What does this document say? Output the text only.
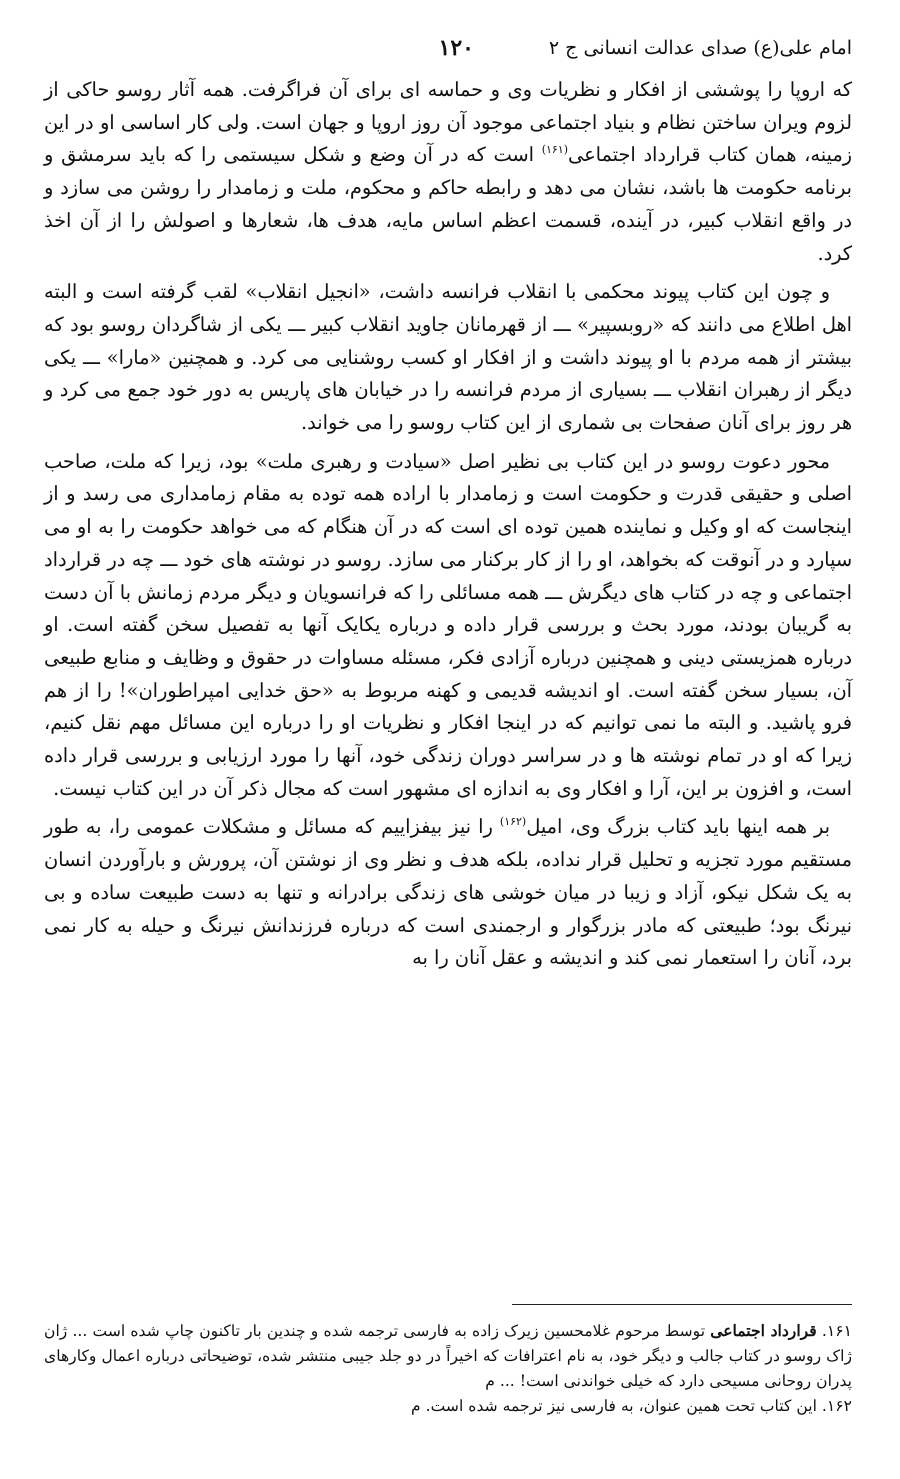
امام علی(ع) صدای عدالت انسانی ج ۲
۱۲۰

که اروپا را پوششی از افکار و نظریات وی و حماسه ای برای آن فراگرفت. همه آثار روسو حاکی از لزوم ویران ساختن نظام و بنیاد اجتماعی موجود آن روز اروپا و جهان است. ولی کار اساسی او در این زمینه، همان کتاب قرارداد اجتماعی$^{(۱۶۱)}$ است که در آن وضع و شکل سیستمی را که باید سرمشق و برنامه حکومت ها باشد، نشان می دهد و رابطه حاکم و محکوم، ملت و زمامدار را روشن می سازد و در واقع انقلاب کبیر، در آینده، قسمت اعظم اساس مایه، هدف ها، شعارها و اصولش را از آن اخذ کرد.

و چون این کتاب پیوند محکمی با انقلاب فرانسه داشت، «انجیل انقلاب» لقب گرفته است و البته اهل اطلاع می دانند که «روبسپیر» ـــ از قهرمانان جاوید انقلاب کبیر ـــ یکی از شاگردان روسو بود که بیشتر از همه مردم با او پیوند داشت و از افکار او کسب روشنایی می کرد. و همچنین «مارا» ـــ یکی دیگر از رهبران انقلاب ـــ بسیاری از مردم فرانسه را در خیابان های پاریس به دور خود جمع می کرد و هر روز برای آنان صفحات بی شماری از این کتاب روسو را می خواند.

محور دعوت روسو در این کتاب بی نظیر اصل «سیادت و رهبری ملت» بود، زیرا که ملت، صاحب اصلی و حقیقی قدرت و حکومت است و زمامدار با اراده همه توده به مقام زمامداری می رسد و از اینجاست که او وکیل و نماینده همین توده ای است که در آن هنگام که می خواهد حکومت را به او می سپارد و در آنوقت که بخواهد، او را از کار برکنار می سازد. روسو در نوشته های خود ـــ چه در قرارداد اجتماعی و چه در کتاب های دیگرش ـــ همه مسائلی را که فرانسویان و دیگر مردم زمانش با آن دست به گریبان بودند، مورد بحث و بررسی قرار داده و درباره یکایک آنها به تفصیل سخن گفته است. او درباره همزیستی دینی و همچنین درباره آزادی فکر، مسئله مساوات در حقوق و وظایف و منابع طبیعی آن، بسیار سخن گفته است. او اندیشه قدیمی و کهنه مربوط به «حق خدایی امپراطوران»! را از هم فرو پاشید. و البته ما نمی توانیم که در اینجا افکار و نظریات او را درباره این مسائل مهم نقل کنیم، زیرا که او در تمام نوشته ها و در سراسر دوران زندگی خود، آنها را مورد ارزیابی و بررسی قرار داده است، و افزون بر این، آرا و افکار وی به اندازه ای مشهور است که مجال ذکر آن در این کتاب نیست.

بر همه اینها باید کتاب بزرگ وی، امیل$^{(۱۶۲)}$ را نیز بیفزاییم که مسائل و مشکلات عمومی را، به طور مستقیم مورد تجزیه و تحلیل قرار نداده، بلکه هدف و نظر وی از نوشتن آن، پرورش و بارآوردن انسان به یک شکل نیکو، آزاد و زیبا در میان خوشی های زندگی برادرانه و تنها به دست طبیعت ساده و بی نیرنگ بود؛ طبیعتی که مادر بزرگوار و ارجمندی است که درباره فرزندانش نیرنگ و حیله به کار نمی برد، آنان را استعمار نمی کند و اندیشه و عقل آنان را به

۱۶۱. قرارداد اجتماعی توسط مرحوم غلامحسین زیرک زاده به فارسی ترجمه شده و چندین بار تاکنون چاپ شده است ... ژان ژاک روسو در کتاب جالب و دیگر خود، به نام اعترافات که اخیراً در دو جلد جیبی منتشر شده، توضیحاتی درباره اعمال وکارهای پدران روحانی مسیحی دارد که خیلی خواندنی است! ... م

۱۶۲. این کتاب تحت همین عنوان، به فارسی نیز ترجمه شده است. م
